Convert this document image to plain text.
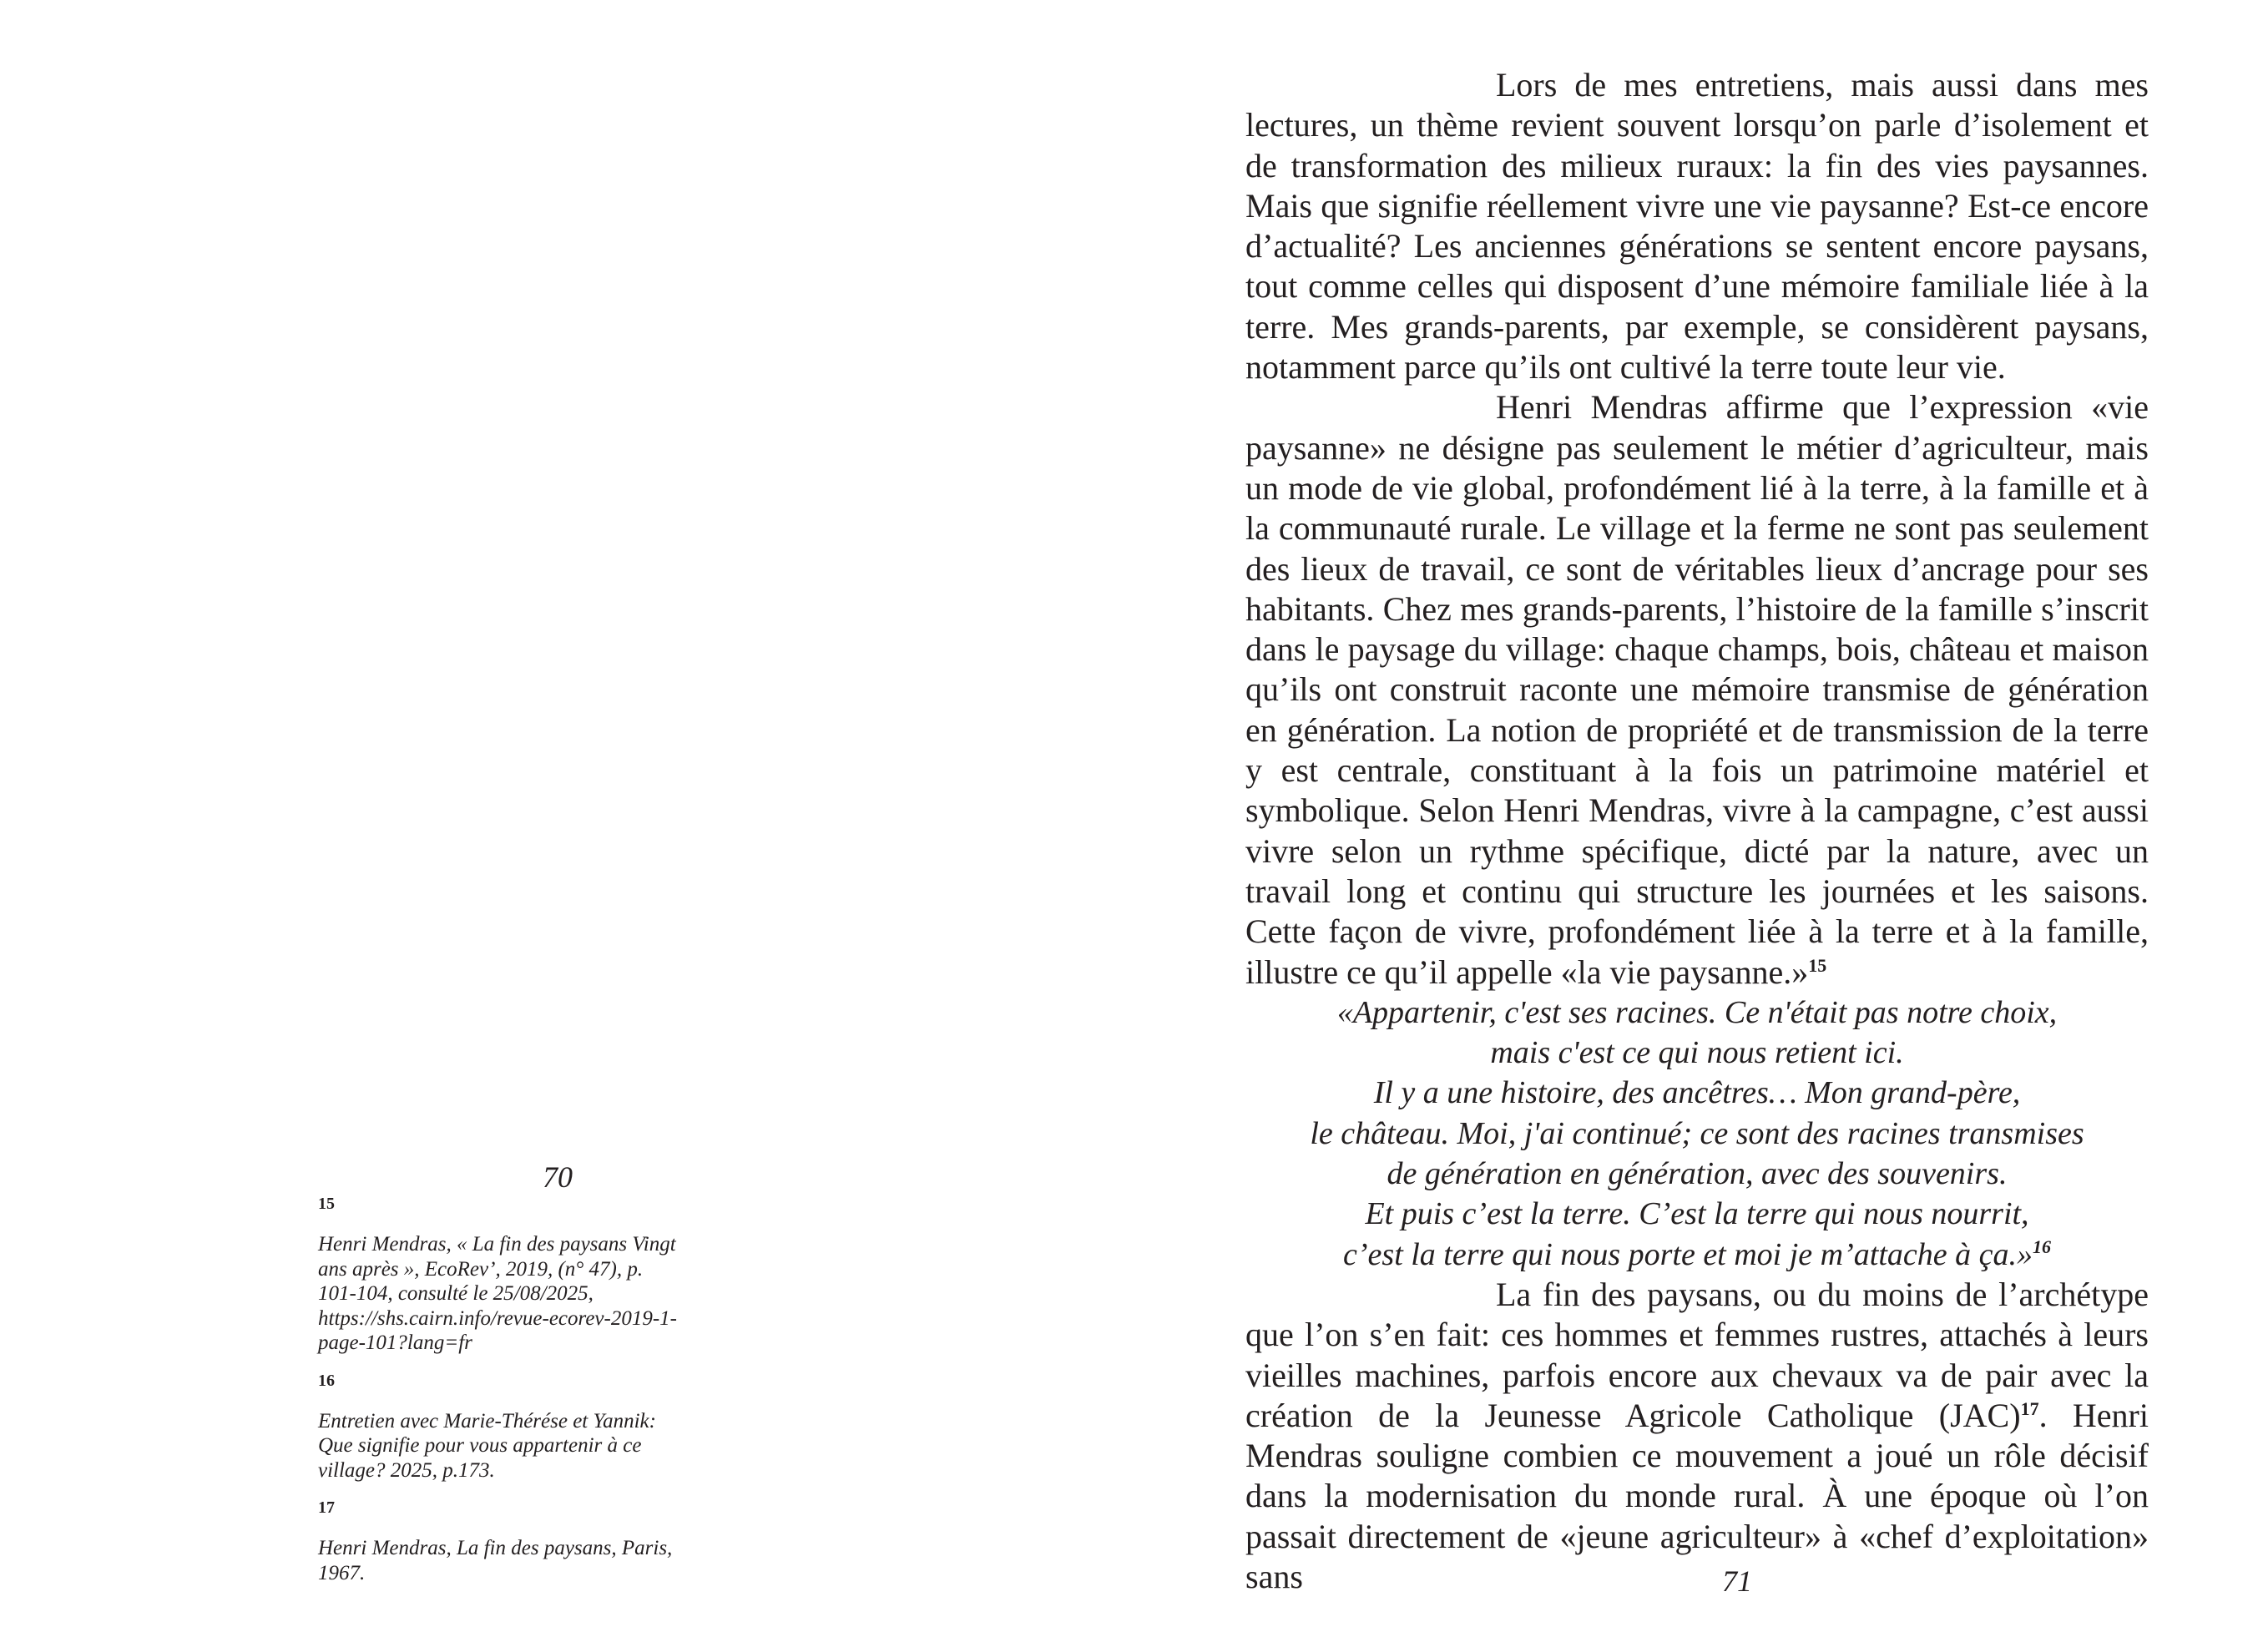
70
15
Henri Mendras, « La fin des paysans Vingt ans après », EcoRev’, 2019, (n° 47), p. 101-104, consulté le 25/08/2025, https://shs.cairn.info/revue-ecorev-2019-1-page-101?lang=fr
16
Entretien avec Marie-Thérése et Yannik: Que signifie pour vous appartenir à ce village? 2025, p.173.
17
Henri Mendras, La fin des paysans, Paris, 1967.

Lors de mes entretiens, mais aussi dans mes lectures, un thème revient souvent lorsqu’on parle d’isolement et de transformation des milieux ruraux: la fin des vies paysannes. Mais que signifie réellement vivre une vie paysanne? Est-ce encore d’actualité? Les anciennes générations se sentent encore paysans, tout comme celles qui disposent d’une mémoire familiale liée à la terre. Mes grands-parents, par exemple, se considèrent paysans, notamment parce qu’ils ont cultivé la terre toute leur vie.

Henri Mendras affirme que l’expression «vie paysanne» ne désigne pas seulement le métier d’agriculteur, mais un mode de vie global, profondément lié à la terre, à la famille et à la communauté rurale. Le village et la ferme ne sont pas seulement des lieux de travail, ce sont de véritables lieux d’ancrage pour ses habitants. Chez mes grands-parents, l’histoire de la famille s’inscrit dans le paysage du village: chaque champs, bois, château et maison qu’ils ont construit raconte une mémoire transmise de génération en génération. La notion de propriété et de transmission de la terre y est centrale, constituant à la fois un patrimoine matériel et symbolique. Selon Henri Mendras, vivre à la campagne, c’est aussi vivre selon un rythme spécifique, dicté par la nature, avec un travail long et continu qui structure les journées et les saisons. Cette façon de vivre, profondément liée à la terre et à la famille, illustre ce qu’il appelle «la vie paysanne.»$^{15}$

«Appartenir, c'est ses racines. Ce n'était pas notre choix,
mais c'est ce qui nous retient ici.
Il y a une histoire, des ancêtres… Mon grand-père,
le château. Moi, j'ai continué; ce sont des racines transmises
de génération en génération, avec des souvenirs.
Et puis c’est la terre. C’est la terre qui nous nourrit,
c’est la terre qui nous porte et moi je m’attache à ça.»$^{16}$

La fin des paysans, ou du moins de l’archétype que l’on s’en fait: ces hommes et femmes rustres, attachés à leurs vieilles machines, parfois encore aux chevaux va de pair avec la création de la Jeunesse Agricole Catholique (JAC)$^{17}$. Henri Mendras souligne combien ce mouvement a joué un rôle décisif dans la modernisation du monde rural. À une époque où l’on passait directement de «jeune agriculteur» à «chef d’exploitation» sans	71
